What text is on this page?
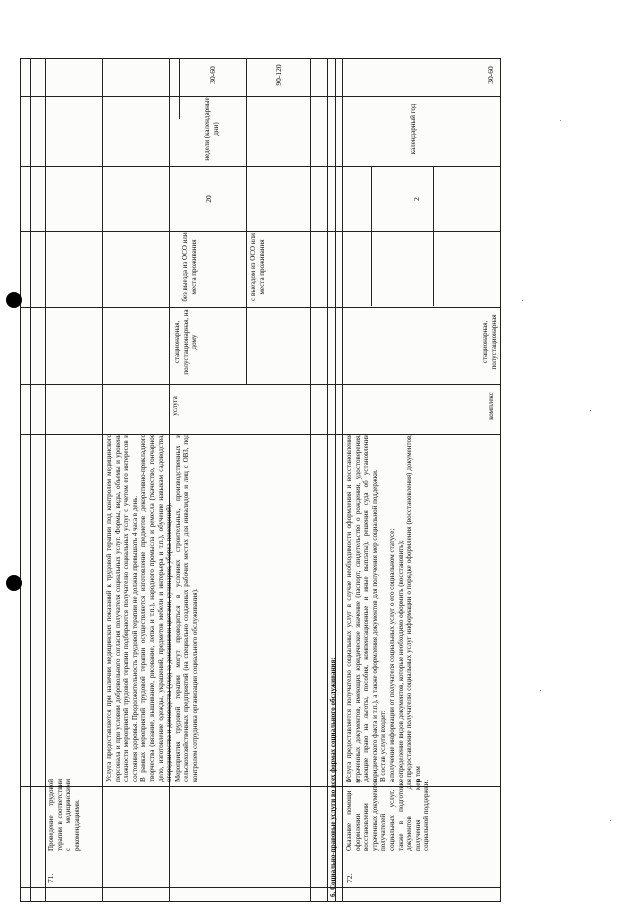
71.
Проведение трудовой терапии в соответствии с медицинскими рекомендациями.
Услуга предоставляется при наличии медицинских показаний к трудовой терапии под контролем медицинского персонала и при условии добровольного согласия получателя социальных услуг. Формы, виды, объемы и уровень сложности мероприятий трудовой терапии подбираются получателю социальных услуг с учетом его интересов и состояния здоровья. Продолжительность трудовой терапии не должна превышать 4 часа в день. В рамках мероприятий трудовой терапии осуществляется изготовление предметов декоративно-прикладного творчества (вязание, вышивание, рисование, лепка и т.п.), народного промысла и ремесла (ткачество, гончарное дело, изготовление одежды, украшений, предметов мебели и интерьера и т.п.), обучение навыкам садоводства, огородничества и домоводства (уход за домашними цветами, кулинария, уборка помещений). Мероприятия трудовой терапии могут проводиться в условиях строительных, производственных и сельскохозяйственных предприятий (на специально созданных рабочих местах для инвалидов и лиц с ОВЗ, под контролем сотрудника организации социального обслуживания).
услуга
стационарная, полустационарная, на дому
без выезда из ОСО или места проживания	с выездом из ОСО или места проживания
20
недели (календарные дни)
30-60	90-120
6. Социально-правовые услуги во всех формах социального обслуживания: 72.
Оказание помощи в оформлении и восстановлении утраченных документов получателей социальных услуг, а также в подготовке документов для получения мер социальной поддержки.
Услуга предоставляется получателю социальных услуг в случае необходимости оформления и восстановления утраченных документов, имеющих юридическое значение (паспорт, свидетельство о рождении, удостоверения, дающие право на льготы, пособия, компенсационные и иные выплаты), решения суда об установлении юридического факта и т.п.), а также оформления документов для получения мер социальной поддержки. В состав услуги входит: - получение информации от получателя социальных услуг о его социальном статусе; - определение видов документов, которые необходимо оформить (восстановить); - предоставление получателю социальных услуг информации о порядке оформления (восстановления) документов, в том
комплекс
стационарная, полустационарная
2
календарный год
30-60
